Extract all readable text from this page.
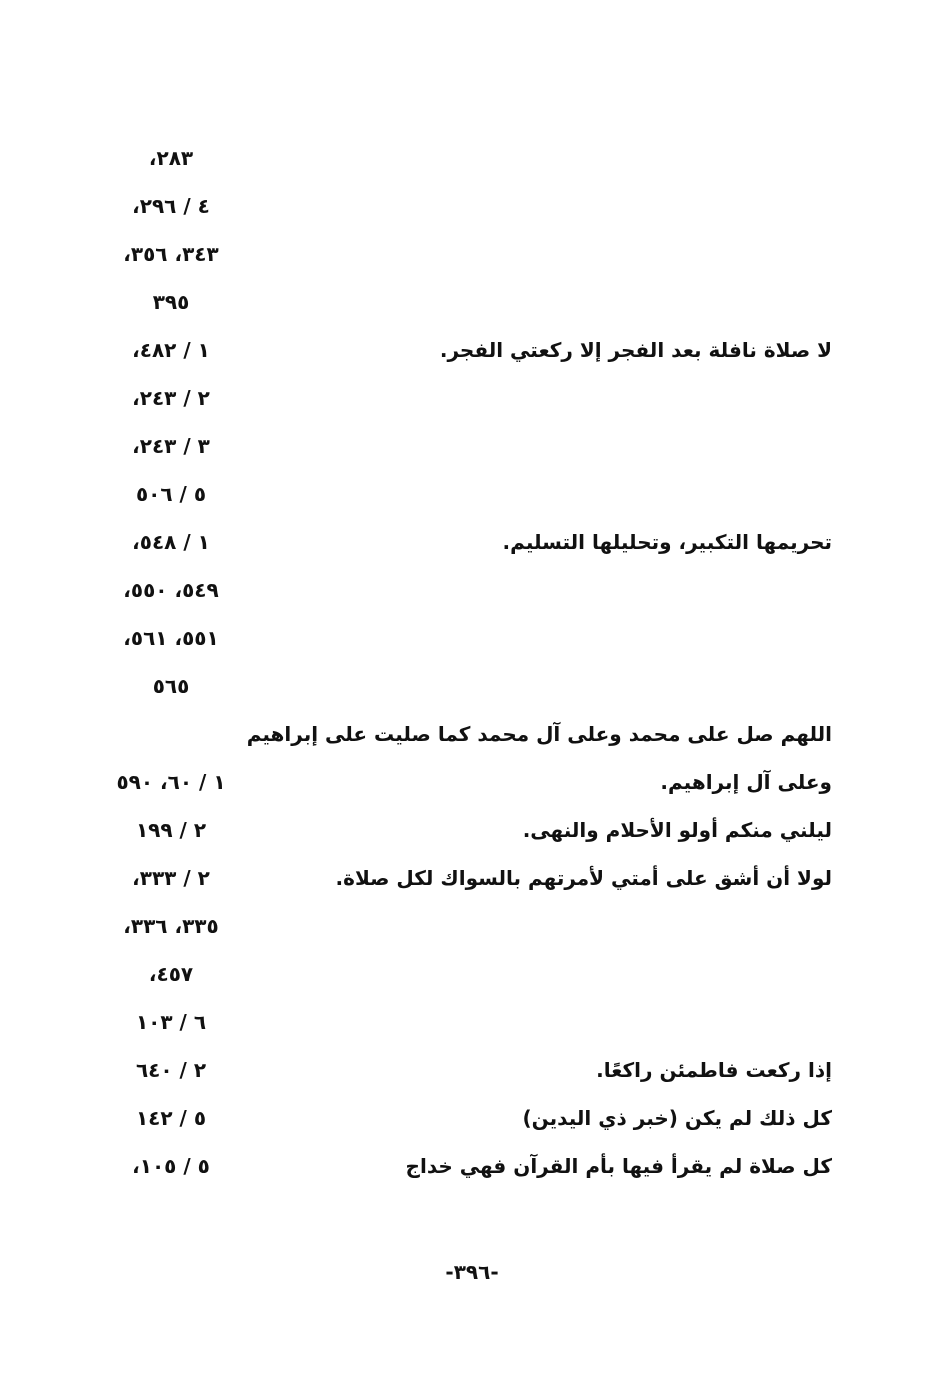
٢٨٣،
٤ / ٢٩٦،
٣٤٣، ٣٥٦،
٣٩٥
لا صلاة نافلة بعد الفجر إلا ركعتي الفجر.
١ / ٤٨٢،
٢ / ٢٤٣،
٣ / ٢٤٣،
٥ / ٥٠٦
تحريمها التكبير، وتحليلها التسليم.
١ / ٥٤٨،
٥٤٩، ٥٥٠،
٥٥١، ٥٦١،
٥٦٥
اللهم صل على محمد وعلى آل محمد كما صليت على إبراهيم
وعلى آل إبراهيم.
١ / ٦٠، ٥٩٠
ليلني منكم أولو الأحلام والنهى.
٢ / ١٩٩
لولا أن أشق على أمتي لأمرتهم بالسواك لكل صلاة.
٢ / ٣٣٣،
٣٣٥، ٣٣٦،
٤٥٧،
٦ / ١٠٣
إذا ركعت فاطمئن راكعًا.
٢ / ٦٤٠
كل ذلك لم يكن (خبر ذي اليدين)
٥ / ١٤٢
كل صلاة لم يقرأ فيها بأم القرآن فهي خداج
٥ / ١٠٥،
-٣٩٦-
